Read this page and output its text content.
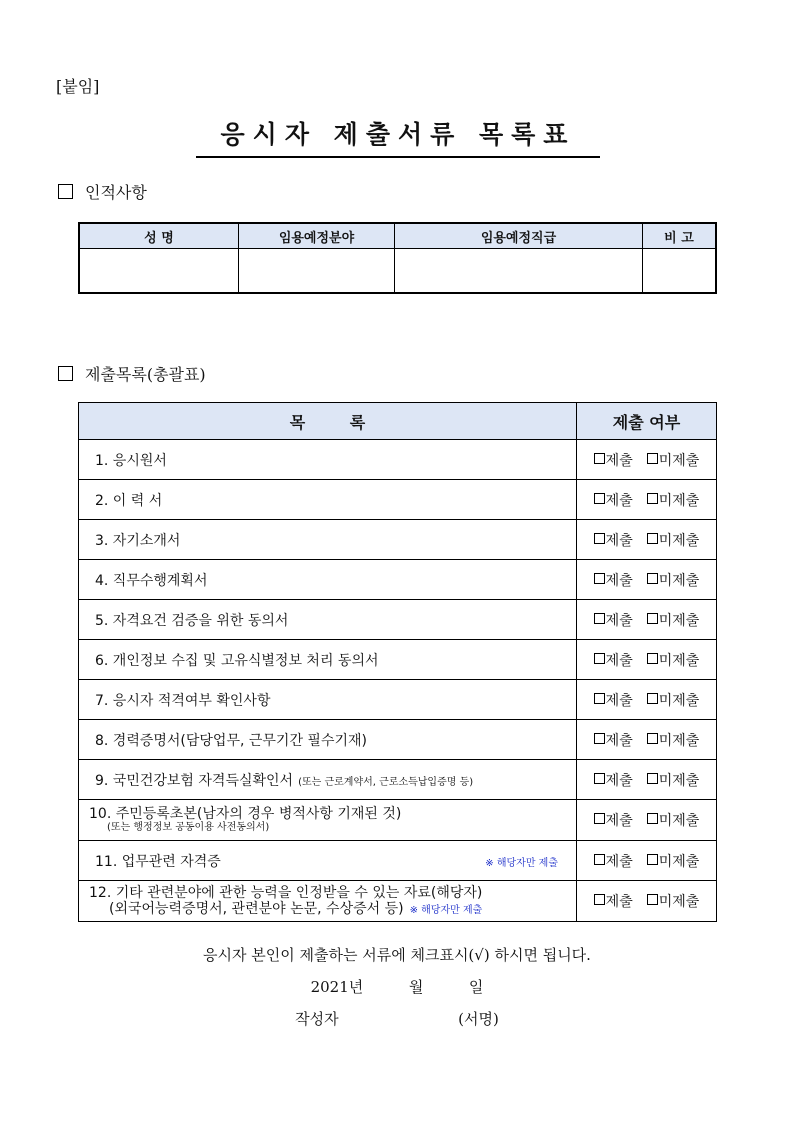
[붙임]
응시자 제출서류 목록표
인적사항
성 명	임용예정분야	임용예정직급	비 고

제출목록(총괄표)
목        록	제출 여부

1. 응시원서	제출 미제출

2. 이 력 서	제출 미제출

3. 자기소개서	제출 미제출

4. 직무수행계획서	제출 미제출

5. 자격요건 검증을 위한 동의서	제출 미제출

6. 개인정보 수집 및 고유식별정보 처리 동의서	제출 미제출

7. 응시자 적격여부 확인사항	제출 미제출

8. 경력증명서(담당업무, 근무기간 필수기재)	제출 미제출

9. 국민건강보험 자격득실확인서 (또는 근로계약서, 근로소득납입증명 등)	제출 미제출

10. 주민등록초본(남자의 경우 병적사항 기재된 것)
(또는 행정정보 공동이용 사전동의서)	제출 미제출

11. 업무관련 자격증 ※ 해당자만 제출	제출 미제출

12. 기타 관련분야에 관한 능력을 인정받을 수 있는 자료(해당자)
(외국어능력증명서, 관련분야 논문, 수상증서 등) ※ 해당자만 제출	제출 미제출
응시자 본인이 제출하는 서류에 체크표시(√) 하시면 됩니다.
2021년	월	일
작성자	(서명)
